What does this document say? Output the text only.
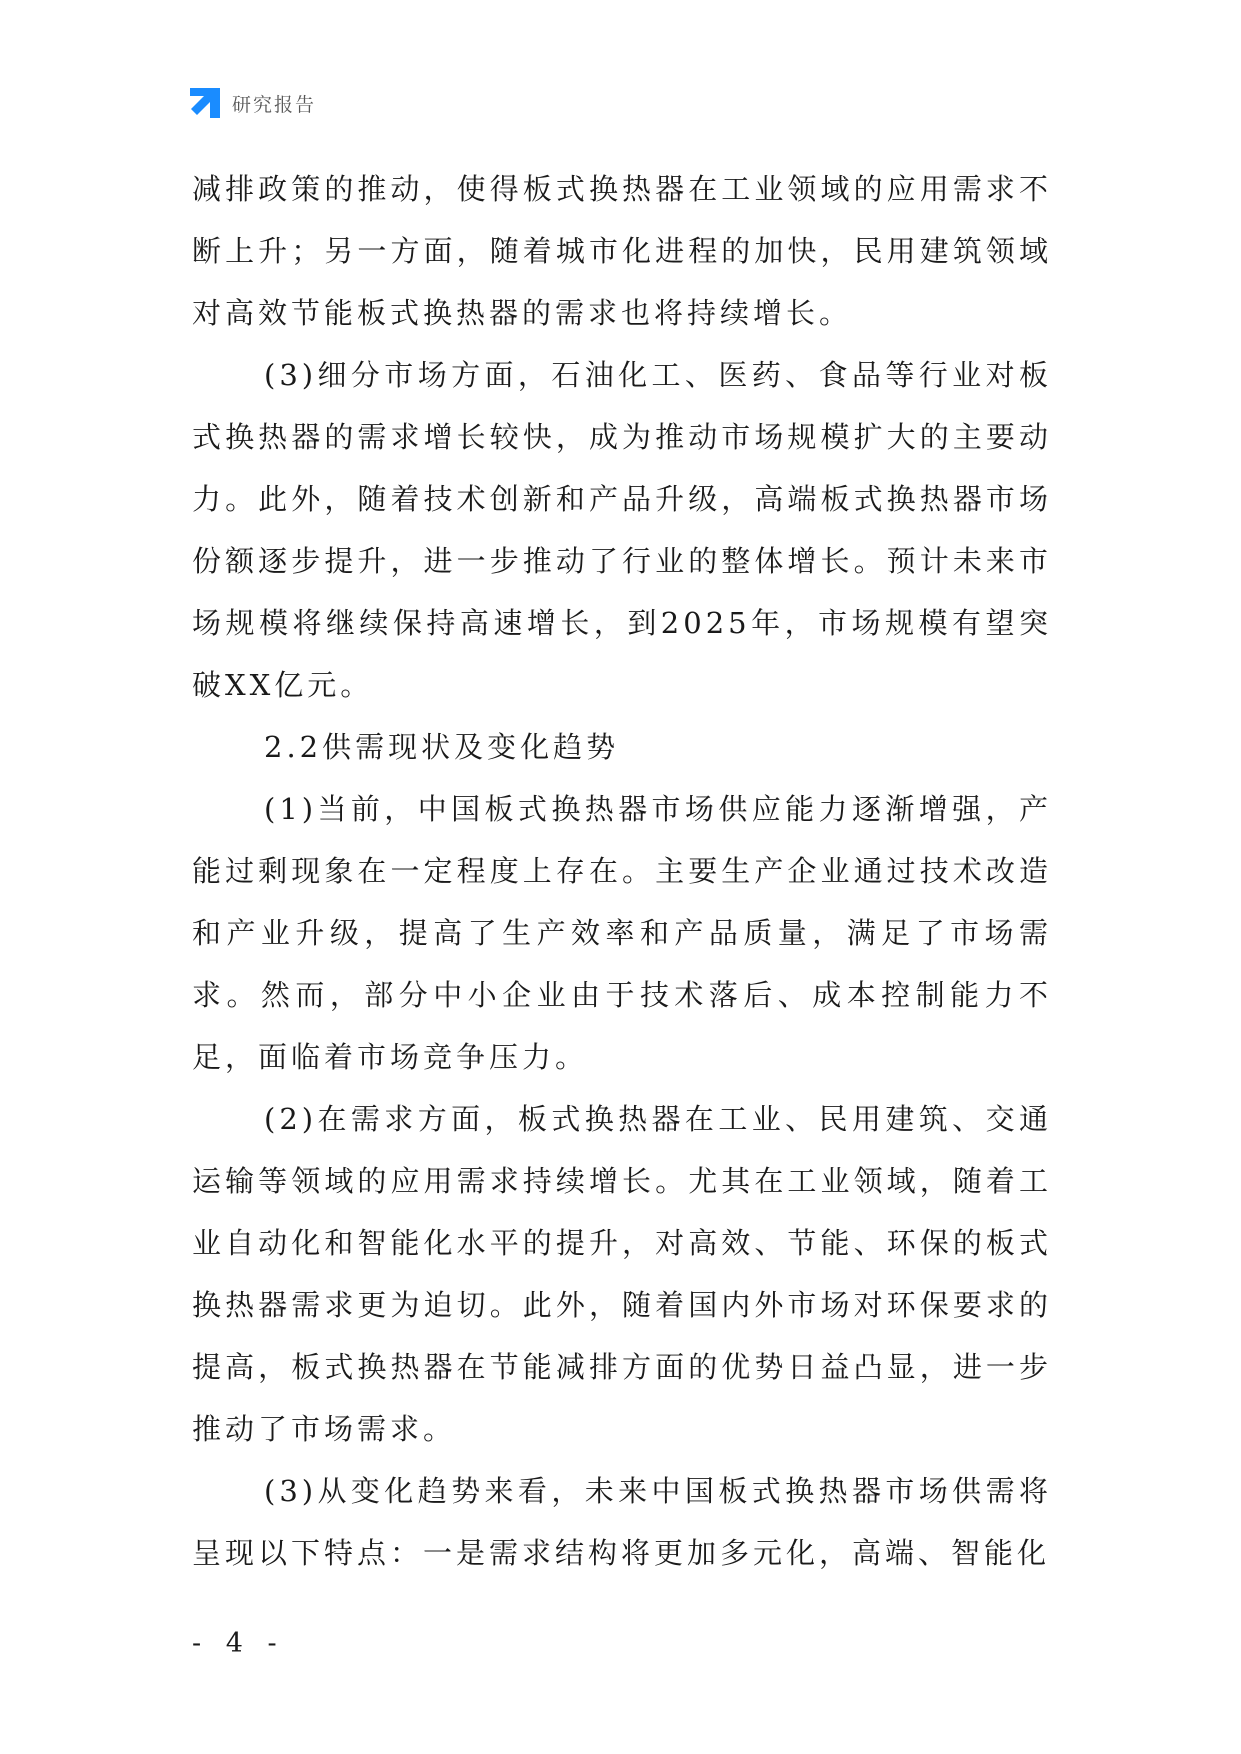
研究报告

减排政策的推动，使得板式换热器在工业领域的应用需求不断上升；另一方面，随着城市化进程的加快，民用建筑领域对高效节能板式换热器的需求也将持续增长。

(3)细分市场方面，石油化工、医药、食品等行业对板式换热器的需求增长较快，成为推动市场规模扩大的主要动力。此外，随着技术创新和产品升级，高端板式换热器市场份额逐步提升，进一步推动了行业的整体增长。预计未来市场规模将继续保持高速增长，到2025年，市场规模有望突破XX亿元。

2.2供需现状及变化趋势

(1)当前，中国板式换热器市场供应能力逐渐增强，产能过剩现象在一定程度上存在。主要生产企业通过技术改造和产业升级，提高了生产效率和产品质量，满足了市场需求。然而，部分中小企业由于技术落后、成本控制能力不足，面临着市场竞争压力。

(2)在需求方面，板式换热器在工业、民用建筑、交通运输等领域的应用需求持续增长。尤其在工业领域，随着工业自动化和智能化水平的提升，对高效、节能、环保的板式换热器需求更为迫切。此外，随着国内外市场对环保要求的提高，板式换热器在节能减排方面的优势日益凸显，进一步推动了市场需求。

(3)从变化趋势来看，未来中国板式换热器市场供需将呈现以下特点：一是需求结构将更加多元化，高端、智能化

- 4 -
